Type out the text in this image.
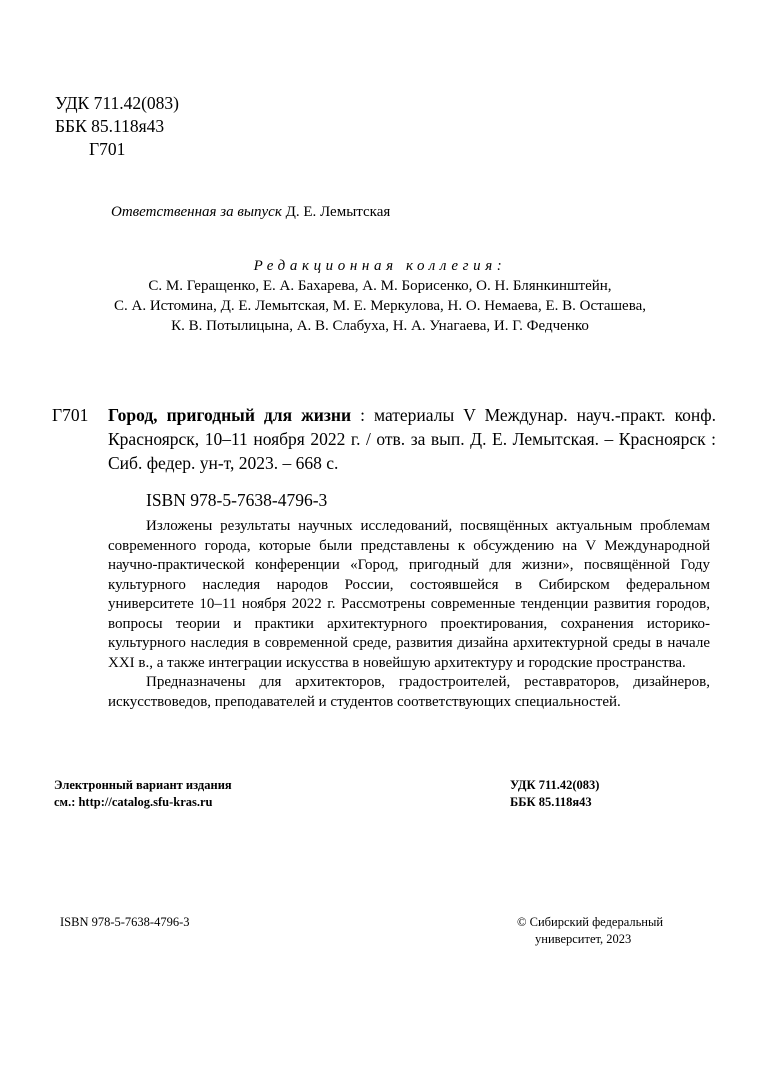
УДК 711.42(083)
ББК 85.118я43
Г701
Ответственная за выпуск Д. Е. Лемытская
Редакционная коллегия:
С. М. Геращенко, Е. А. Бахарева, А. М. Борисенко, О. Н. Блянкинштейн,
С. А. Истомина, Д. Е. Лемытская, М. Е. Меркулова, Н. О. Немаева, Е. В. Осташева,
К. В. Потылицына, А. В. Слабуха, Н. А. Унагаева, И. Г. Федченко
Г701 Город, пригодный для жизни : материалы V Междунар. науч.-практ. конф. Красноярск, 10–11 ноября 2022 г. / отв. за вып. Д. Е. Лемытская. – Красноярск : Сиб. федер. ун-т, 2023. – 668 с.
ISBN 978-5-7638-4796-3

Изложены результаты научных исследований, посвящённых актуальным проблемам современного города, которые были представлены к обсуждению на V Международной научно-практической конференции «Город, пригодный для жизни», посвящённой Году культурного наследия народов России, состоявшейся в Сибирском федеральном университете 10–11 ноября 2022 г. Рассмотрены современные тенденции развития городов, вопросы теории и практики архитектурного проектирования, сохранения историко-культурного наследия в современной среде, развития дизайна архитектурной среды в начале XXI в., а также интеграции искусства в новейшую архитектуру и городские пространства.

Предназначены для архитекторов, градостроителей, реставраторов, дизайнеров, искусствоведов, преподавателей и студентов соответствующих специальностей.

Электронный вариант издания
см.: http://catalog.sfu-kras.ru
УДК 711.42(083)
ББК 85.118я43
ISBN 978-5-7638-4796-3	© Сибирский федеральный
университет, 2023
